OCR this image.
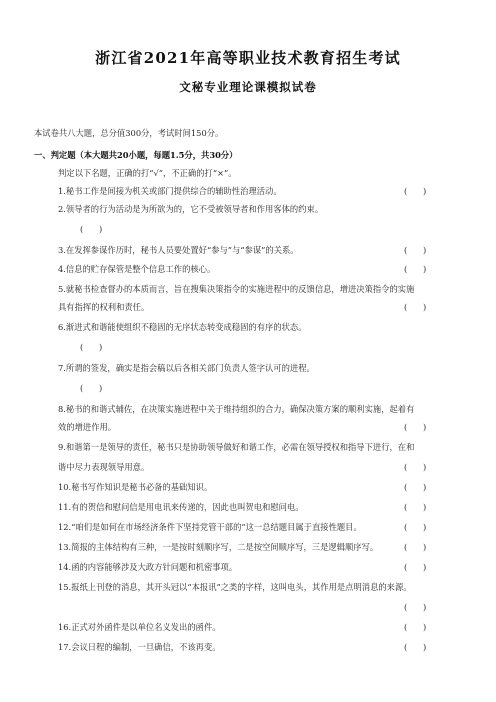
浙江省2021年高等职业技术教育招生考试
文秘专业理论课模拟试卷
本试卷共八大题，总分值300分，考试时间150分。
一、判定题（本大题共20小题，每题1.5分，共30分）
判定以下名题，正确的打“√”，不正确的打“×”。
1.秘书工作是间接为机关或部门提供综合的辅助性治理活动。	(      )
2.领导者的行为活动是为所欲为的，它不受被领导者和作用客体的约束。
(      )
3.在发挥参谋作历时，秘书人员要处置好“参与”与“参谋”的关系。	(      )
4.信息的贮存保管是整个信息工作的核心。	(      )
5.就秘书检查督办的本质而言，旨在搜集决策指令的实施进程中的反馈信息，增进决策指令的实施
具有指挥的权利和责任。	(      )
6.渐进式和谐能使组织不稳固的无序状态转变成稳固的有序的状态。
(      )
7.所谓的签发，确实是指会稿以后各相关部门负责人签字认可的进程。
(      )
8.秘书的和谐式辅佐，在决策实施进程中关于维持组织的合力，确保决策方案的顺利实施，起着有
效的增进作用。	(      )
9.和谐第一是领导的责任，秘书只是协助领导做好和谐工作，必需在领导授权和指导下进行，在和
谐中尽力表现领导用意。	(      )
10.秘书写作知识是秘书必备的基础知识。	(      )
11.有的贺信和慰问信是用电讯来传递的，因此也叫贺电和慰问电。	(      )
12.“咱们是如何在市场经济条件下坚持党管干部的”这一总结题目属于直接性题目。	(      )
13.简报的主体结构有三种，一是按时刻顺序写，二是按空间顺序写，三是逻辑顺序写。	(      )
14.函的内容能够涉及大政方针问题和机密事项。	(      )
15.报纸上刊登的消息，其开头冠以“本报讯”之类的字样，这叫电头，其作用是点明消息的来源。
(      )
16.正式对外函件是以单位名义发出的函件。	(      )
17.会议日程的编制，一旦确信，不该再变。	(      )
